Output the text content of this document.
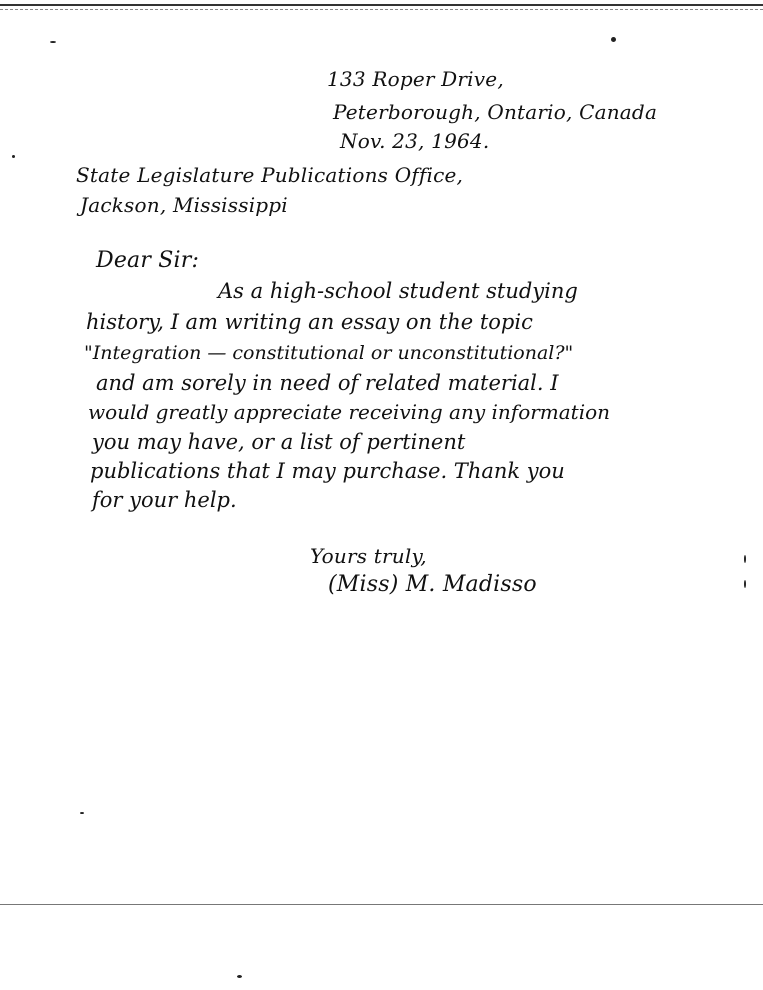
133 Roper Drive,
Peterborough, Ontario, Canada
Nov. 23, 1964.
State Legislature Publications Office,
Jackson, Mississippi
Dear Sir:
As a high-school student studying
history, I am writing an essay on the topic
"Integration — constitutional or unconstitutional?"
and am sorely in need of related material. I
would greatly appreciate receiving any information
you may have, or a list of pertinent
publications that I may purchase. Thank you
for your help.
Yours truly,
(Miss) M. Madisso
